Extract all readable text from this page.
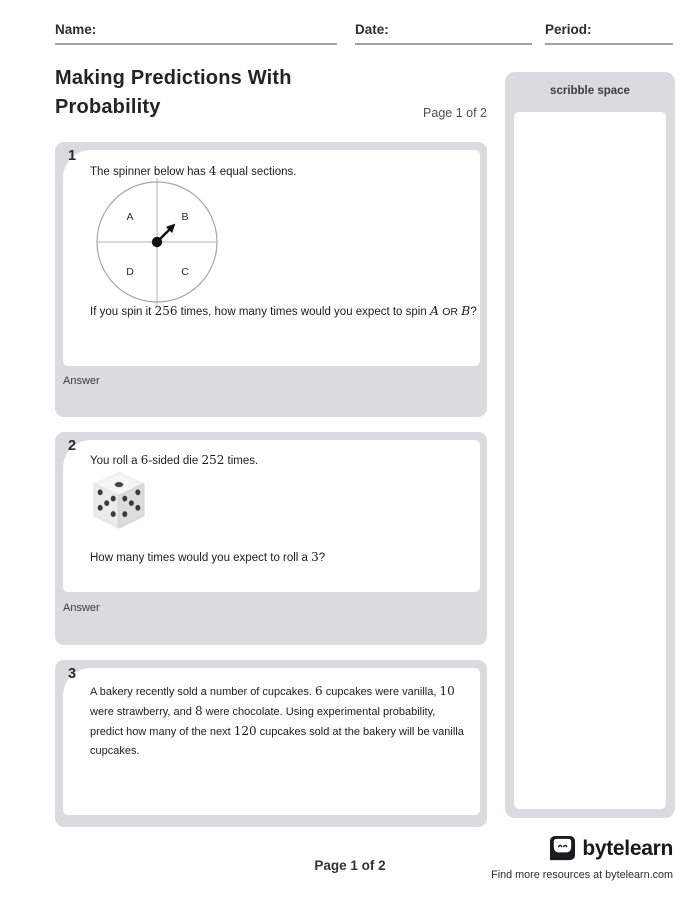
Name:	Date:	Period:
Making Predictions With
Probability	Page 1 of 2
scribble space
1
The spinner below has 4 equal sections.
A	B
D	C
If you spin it 256 times, how many times would you expect to spin A OR B?
Answer
2
You roll a 6-sided die 252 times.
How many times would you expect to roll a 3?
Answer
3
A bakery recently sold a number of cupcakes. 6 cupcakes were vanilla, 10 were strawberry, and 8 were chocolate. Using experimental probability, predict how many of the next 120 cupcakes sold at the bakery will be vanilla cupcakes.
Page 1 of 2
bytelearn
Find more resources at bytelearn.com
